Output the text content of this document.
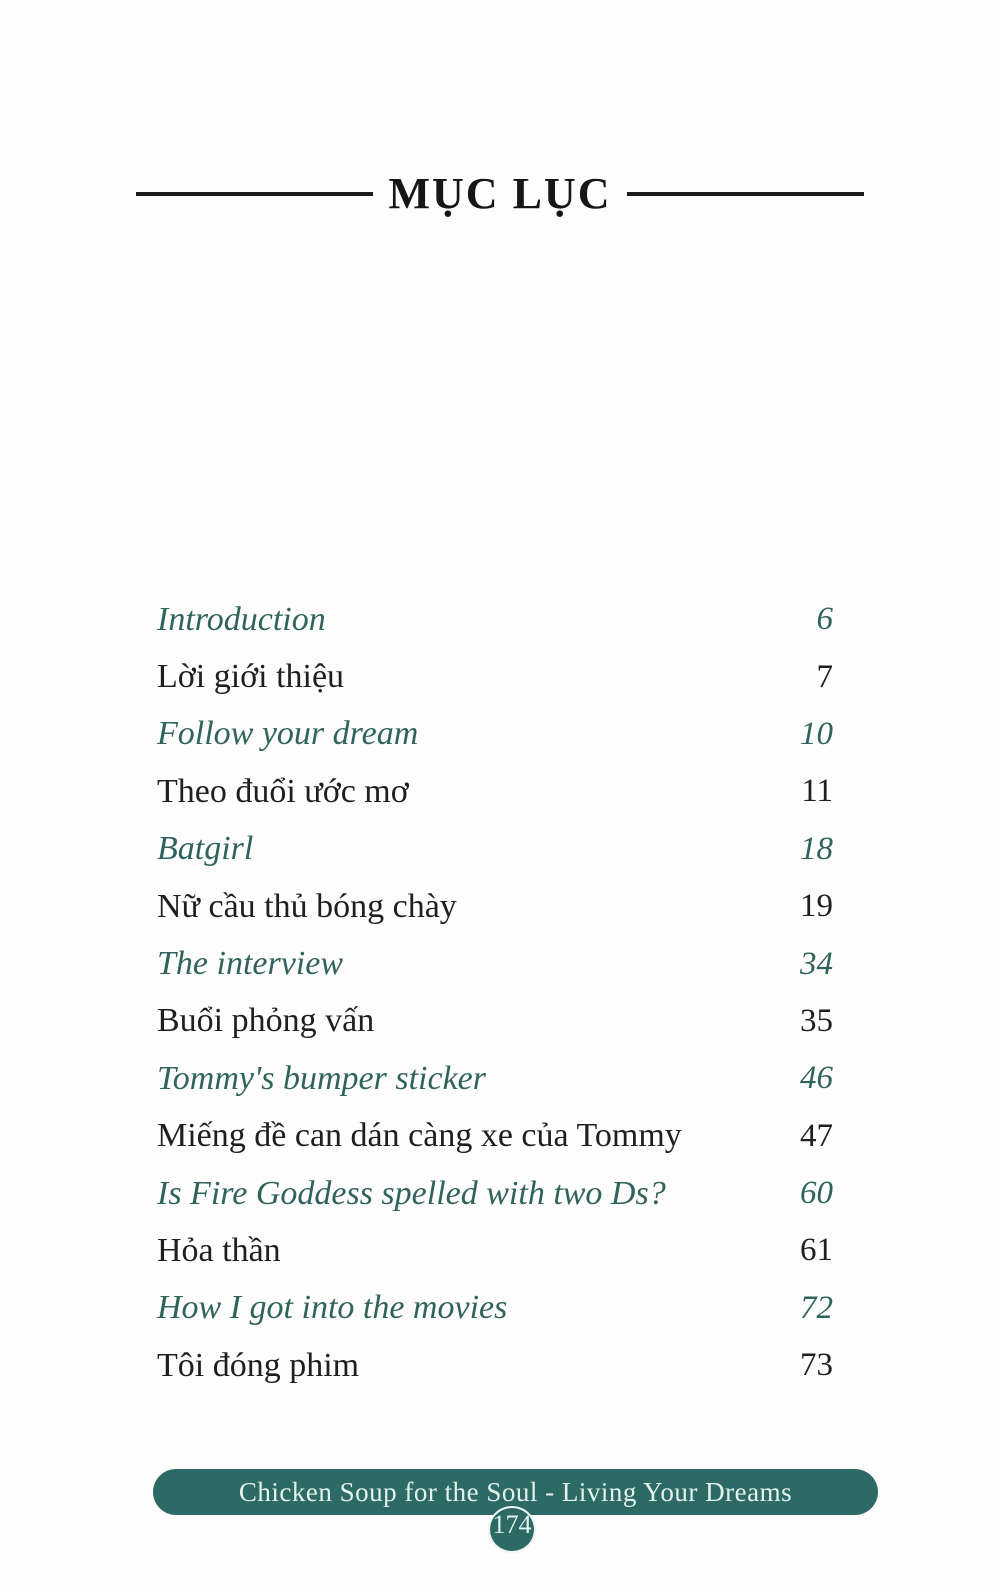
MỤC LỤC
Introduction	6
Lời giới thiệu	7
Follow your dream	10
Theo đuổi ước mơ	11
Batgirl	18
Nữ cầu thủ bóng chày	19
The interview	34
Buổi phỏng vấn	35
Tommy's bumper sticker	46
Miếng đề can dán càng xe của Tommy	47
Is Fire Goddess spelled with two Ds?	60
Hỏa thần	61
How I got into the movies	72
Tôi đóng phim	73
Chicken Soup for the Soul - Living Your Dreams
174
